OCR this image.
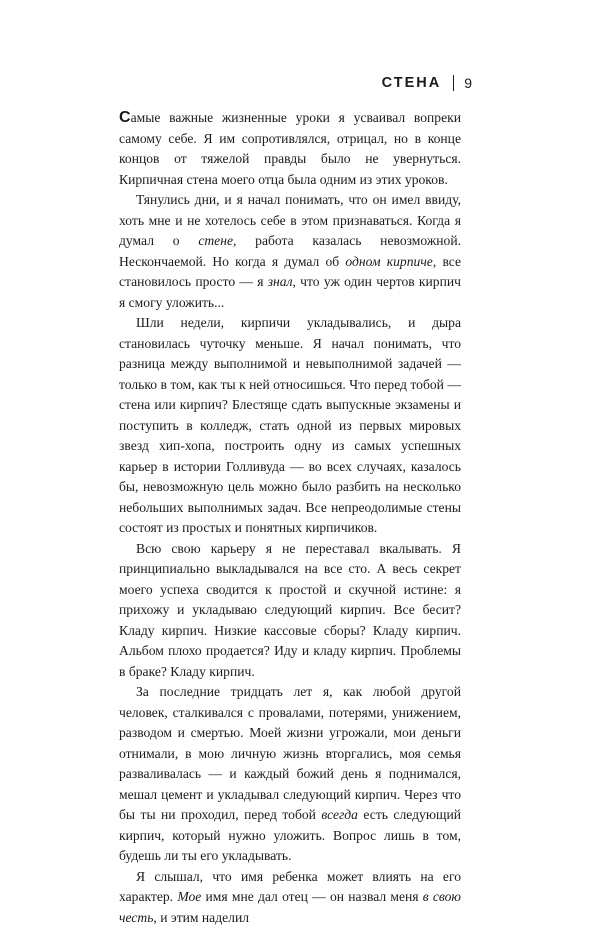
СТЕНА 9

Самые важные жизненные уроки я усваивал вопреки самому себе. Я им сопротивлялся, отрицал, но в конце концов от тяжелой правды было не увернуться. Кирпичная стена моего отца была одним из этих уроков.

Тянулись дни, и я начал понимать, что он имел ввиду, хоть мне и не хотелось себе в этом признаваться. Когда я думал о стене, работа казалась невозможной. Нескончаемой. Но когда я думал об одном кирпиче, все становилось просто — я знал, что уж один чертов кирпич я смогу уложить...

Шли недели, кирпичи укладывались, и дыра становилась чуточку меньше. Я начал понимать, что разница между выполнимой и невыполнимой задачей — только в том, как ты к ней относишься. Что перед тобой — стена или кирпич? Блестяще сдать выпускные экзамены и поступить в колледж, стать одной из первых мировых звезд хип-хопа, построить одну из самых успешных карьер в истории Голливуда — во всех случаях, казалось бы, невозможную цель можно было разбить на несколько небольших выполнимых задач. Все непреодолимые стены состоят из простых и понятных кирпичиков.

Всю свою карьеру я не переставал вкалывать. Я принципиально выкладывался на все сто. А весь секрет моего успеха сводится к простой и скучной истине: я прихожу и укладываю следующий кирпич. Все бесит? Кладу кирпич. Низкие кассовые сборы? Кладу кирпич. Альбом плохо продается? Иду и кладу кирпич. Проблемы в браке? Кладу кирпич.

За последние тридцать лет я, как любой другой человек, сталкивался с провалами, потерями, унижением, разводом и смертью. Моей жизни угрожали, мои деньги отнимали, в мою личную жизнь вторгались, моя семья разваливалась — и каждый божий день я поднимался, мешал цемент и укладывал следующий кирпич. Через что бы ты ни проходил, перед тобой всегда есть следующий кирпич, который нужно уложить. Вопрос лишь в том, будешь ли ты его укладывать.

Я слышал, что имя ребенка может влиять на его характер. Мое имя мне дал отец — он назвал меня в свою честь, и этим наделил
